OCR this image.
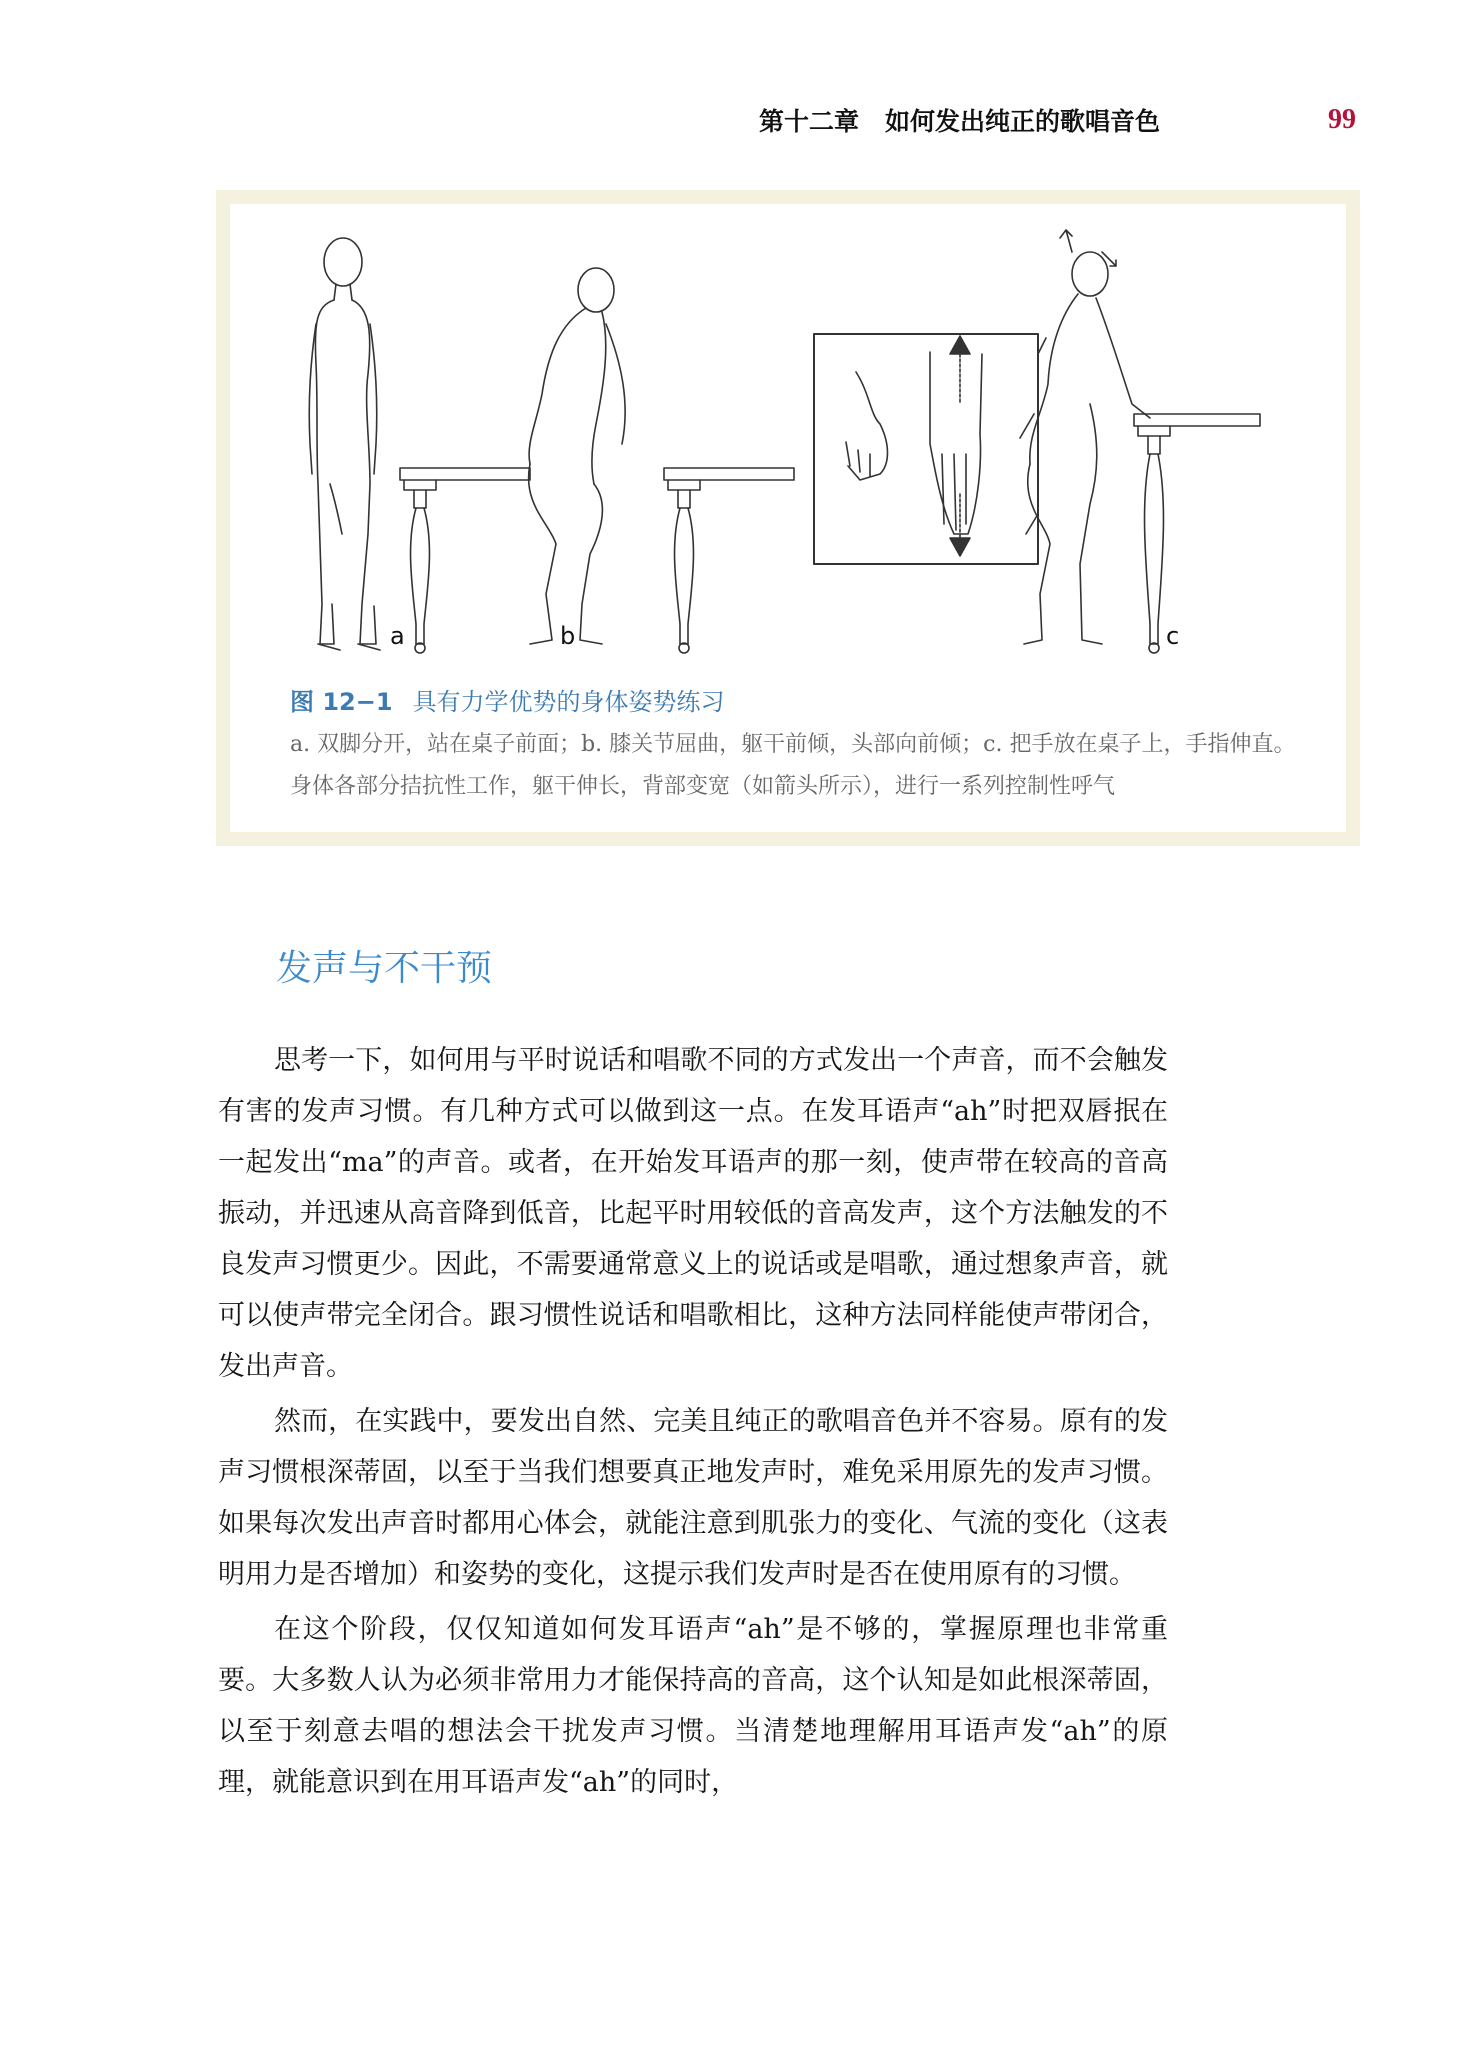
第十二章 如何发出纯正的歌唱音色	99
a	b	c
图 12−1 具有力学优势的身体姿势练习
a. 双脚分开，站在桌子前面；b. 膝关节屈曲，躯干前倾，头部向前倾；c. 把手放在桌子上，手指伸直。身体各部分拮抗性工作，躯干伸长，背部变宽（如箭头所示），进行一系列控制性呼气
发声与不干预

思考一下，如何用与平时说话和唱歌不同的方式发出一个声音，而不会触发有害的发声习惯。有几种方式可以做到这一点。在发耳语声“ah”时把双唇抿在一起发出“ma”的声音。或者，在开始发耳语声的那一刻，使声带在较高的音高振动，并迅速从高音降到低音，比起平时用较低的音高发声，这个方法触发的不良发声习惯更少。因此，不需要通常意义上的说话或是唱歌，通过想象声音，就可以使声带完全闭合。跟习惯性说话和唱歌相比，这种方法同样能使声带闭合，发出声音。

然而，在实践中，要发出自然、完美且纯正的歌唱音色并不容易。原有的发声习惯根深蒂固，以至于当我们想要真正地发声时，难免采用原先的发声习惯。如果每次发出声音时都用心体会，就能注意到肌张力的变化、气流的变化（这表明用力是否增加）和姿势的变化，这提示我们发声时是否在使用原有的习惯。

在这个阶段，仅仅知道如何发耳语声“ah”是不够的，掌握原理也非常重要。大多数人认为必须非常用力才能保持高的音高，这个认知是如此根深蒂固，以至于刻意去唱的想法会干扰发声习惯。当清楚地理解用耳语声发“ah”的原理，就能意识到在用耳语声发“ah”的同时，
